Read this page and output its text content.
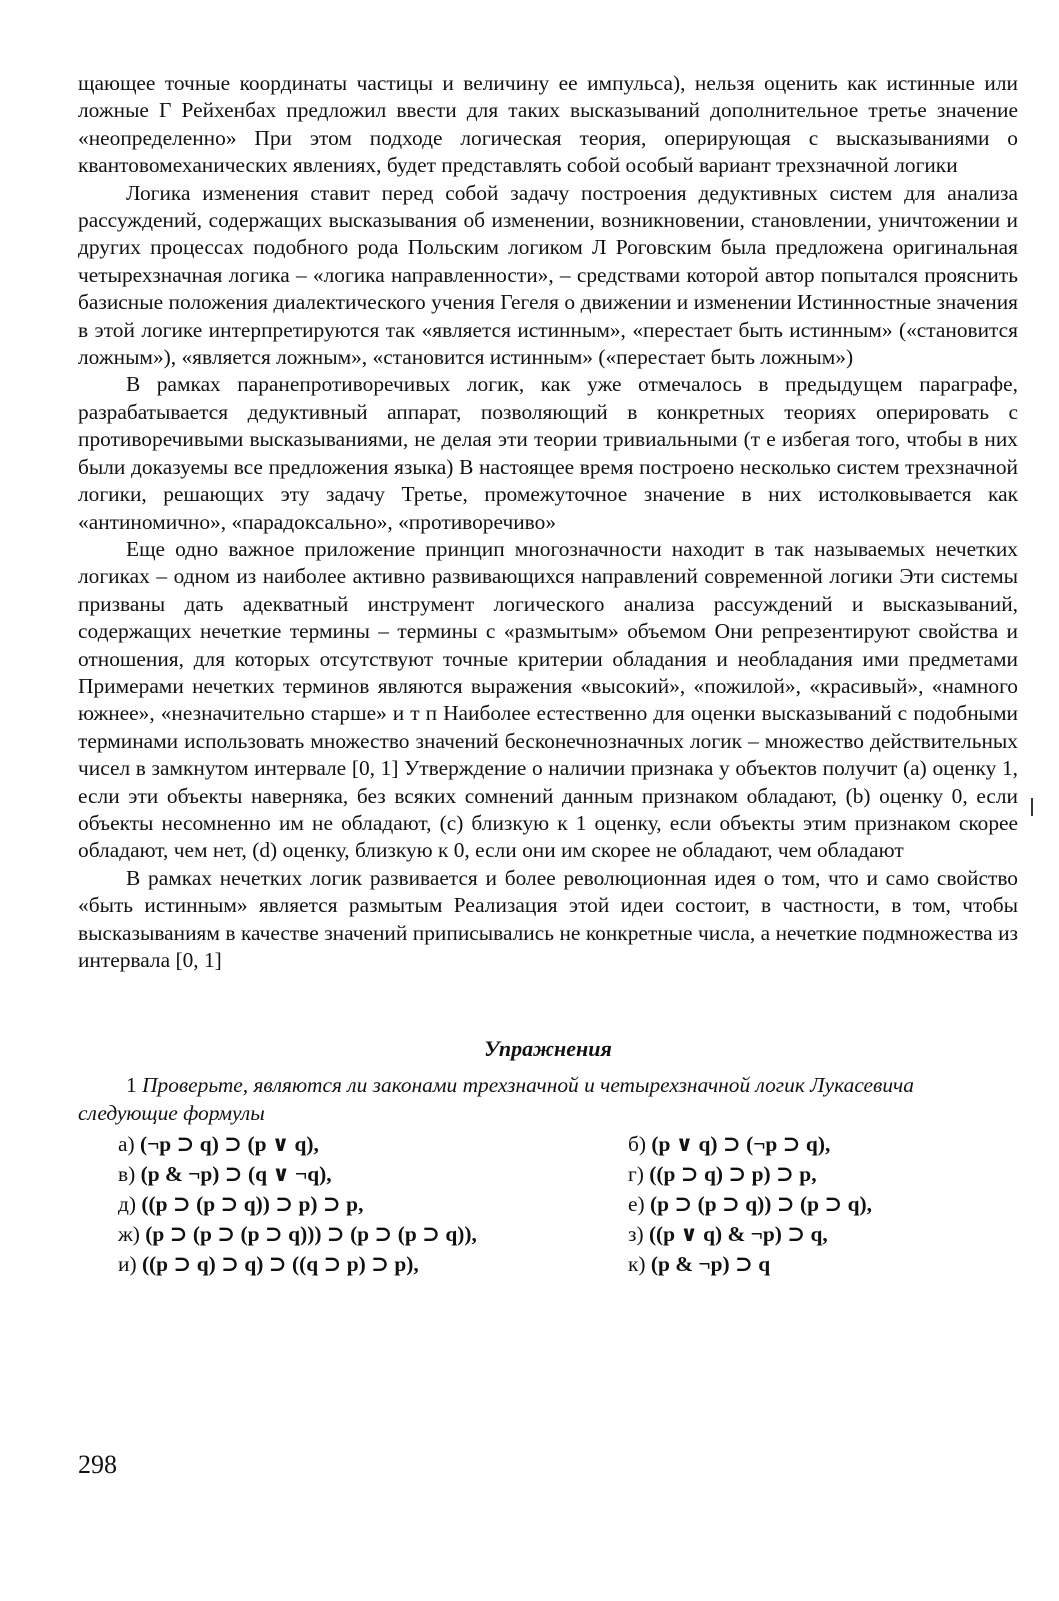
щающее точные координаты частицы и величину ее импульса), нельзя оценить как истинные или ложные Г Рейхенбах предложил ввести для таких высказываний дополнительное третье значение «неопределенно» При этом подходе логическая теория, оперирующая с высказываниями о квантовомеханических явлениях, будет представлять собой особый вариант трехзначной логики

Логика изменения ставит перед собой задачу построения дедуктивных систем для анализа рассуждений, содержащих высказывания об изменении, возникновении, становлении, уничтожении и других процессах подобного рода Польским логиком Л Роговским была предложена оригинальная четырехзначная логика – «логика направленности», – средствами которой автор попытался прояснить базисные положения диалектического учения Гегеля о движении и изменении Истинностные значения в этой логике интерпретируются так «является истинным», «перестает быть истинным» («становится ложным»), «является ложным», «становится истинным» («перестает быть ложным»)

В рамках паранепротиворечивых логик, как уже отмечалось в предыдущем параграфе, разрабатывается дедуктивный аппарат, позволяющий в конкретных теориях оперировать с противоречивыми высказываниями, не делая эти теории тривиальными (т е избегая того, чтобы в них были доказуемы все предложения языка) В настоящее время построено несколько систем трехзначной логики, решающих эту задачу Третье, промежуточное значение в них истолковывается как «антиномично», «парадоксально», «противоречиво»

Еще одно важное приложение принцип многозначности находит в так называемых нечетких логиках – одном из наиболее активно развивающихся направлений современной логики Эти системы призваны дать адекватный инструмент логического анализа рассуждений и высказываний, содержащих нечеткие термины – термины с «размытым» объемом Они репрезентируют свойства и отношения, для которых отсутствуют точные критерии обладания и необладания ими предметами Примерами нечетких терминов являются выражения «высокий», «пожилой», «красивый», «намного южнее», «незначительно старше» и т п Наиболее естественно для оценки высказываний с подобными терминами использовать множество значений бесконечнозначных логик – множество действительных чисел в замкнутом интервале [0, 1] Утверждение о наличии признака у объектов получит (a) оценку 1, если эти объекты наверняка, без всяких сомнений данным признаком обладают, (b) оценку 0, если объекты несомненно им не обладают, (c) близкую к 1 оценку, если объекты этим признаком скорее обладают, чем нет, (d) оценку, близкую к 0, если они им скорее не обладают, чем обладают

В рамках нечетких логик развивается и более революционная идея о том, что и само свойство «быть истинным» является размытым Реализация этой идеи состоит, в частности, в том, чтобы высказываниям в качестве значений приписывались не конкретные числа, а нечеткие подмножества из интервала [0, 1]

Упражнения

1 Проверьте, являются ли законами трехзначной и четырехзначной логик Лукасевича следующие формулы

а) (¬p ⊃ q) ⊃ (p ∨ q),	б) (p ∨ q) ⊃ (¬p ⊃ q),
в) (p & ¬p) ⊃ (q ∨ ¬q),	г) ((p ⊃ q) ⊃ p) ⊃ p,
д) ((p ⊃ (p ⊃ q)) ⊃ p) ⊃ p,	е) (p ⊃ (p ⊃ q)) ⊃ (p ⊃ q),
ж) (p ⊃ (p ⊃ (p ⊃ q))) ⊃ (p ⊃ (p ⊃ q)),	з) ((p ∨ q) & ¬p) ⊃ q,
и) ((p ⊃ q) ⊃ q) ⊃ ((q ⊃ p) ⊃ p),	к) (p & ¬p) ⊃ q
298
